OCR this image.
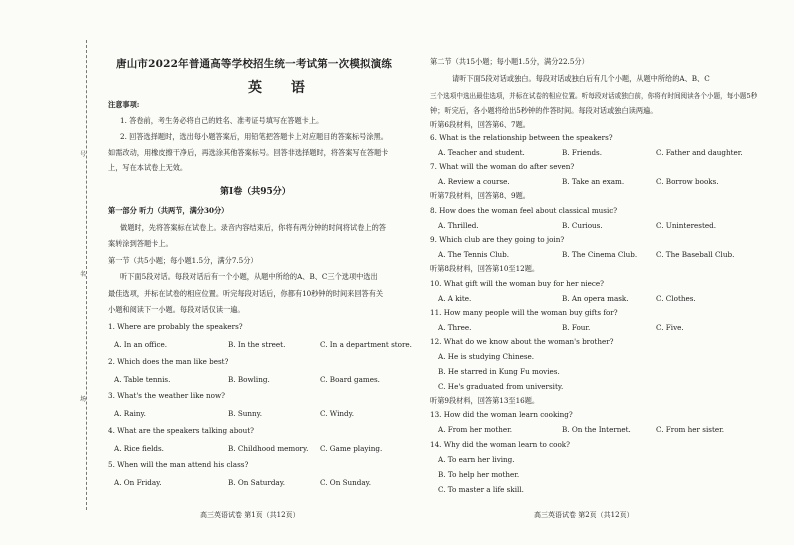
号
名
场
唐山市2022年普通高等学校招生统一考试第一次模拟演练
英 语
注意事项:
1. 答卷前，考生务必将自己的姓名、准考证号填写在答题卡上。
2. 回答选择题时，选出每小题答案后，用铅笔把答题卡上对应题目的答案标号涂黑。
如需改动，用橡皮擦干净后，再选涂其他答案标号。回答非选择题时，将答案写在答题卡
上，写在本试卷上无效。
第Ⅰ卷（共95分）
第一部分 听力（共两节，满分30分）
做题时，先将答案标在试卷上。录音内容结束后，你将有两分钟的时间将试卷上的答
案转涂到答题卡上。
第一节（共5小题；每小题1.5分，满分7.5分）
听下面5段对话。每段对话后有一个小题，从题中所给的A、B、C三个选项中选出
最佳选项，并标在试卷的相应位置。听完每段对话后，你都有10秒钟的时间来回答有关
小题和阅读下一小题。每段对话仅读一遍。
1. Where are probably the speakers?
A. In an office.	B. In the street.	C. In a department store.
2. Which does the man like best?
A. Table tennis.	B. Bowling.	C. Board games.
3. What's the weather like now?
A. Rainy.	B. Sunny.	C. Windy.
4. What are the speakers talking about?
A. Rice fields.	B. Childhood memory. C. Game playing.
5. When will the man attend his class?
A. On Friday.	B. On Saturday.	C. On Sunday.
高三英语试卷 第1页（共12页）
第二节（共15小题；每小题1.5分，满分22.5分）
请听下面5段对话或独白。每段对话或独白后有几个小题，从题中所给的A、B、C
三个选项中选出最佳选项，并标在试卷的相应位置。听每段对话或独白前，你将有时间阅读各个小题，每小题5秒
钟；听完后，各小题将给出5秒钟的作答时间。每段对话或独白读两遍。
听第6段材料，回答第6、7题。
6. What is the relationship between the speakers?
A. Teacher and student.	B. Friends.	C. Father and daughter.
7. What will the woman do after seven?
A. Review a course.	B. Take an exam.	C. Borrow books.
听第7段材料，回答第8、9题。
8. How does the woman feel about classical music?
A. Thrilled.	B. Curious.	C. Uninterested.
9. Which club are they going to join?
A. The Tennis Club.	B. The Cinema Club.	C. The Baseball Club.
听第8段材料，回答第10至12题。
10. What gift will the woman buy for her niece?
A. A kite.	B. An opera mask.	C. Clothes.
11. How many people will the woman buy gifts for?
A. Three.	B. Four.	C. Five.
12. What do we know about the woman's brother?
A. He is studying Chinese.
B. He starred in Kung Fu movies.
C. He's graduated from university.
听第9段材料，回答第13至16题。
13. How did the woman learn cooking?
A. From her mother.	B. On the Internet.	C. From her sister.
14. Why did the woman learn to cook?
A. To earn her living.
B. To help her mother.
C. To master a life skill.
高三英语试卷 第2页（共12页）
